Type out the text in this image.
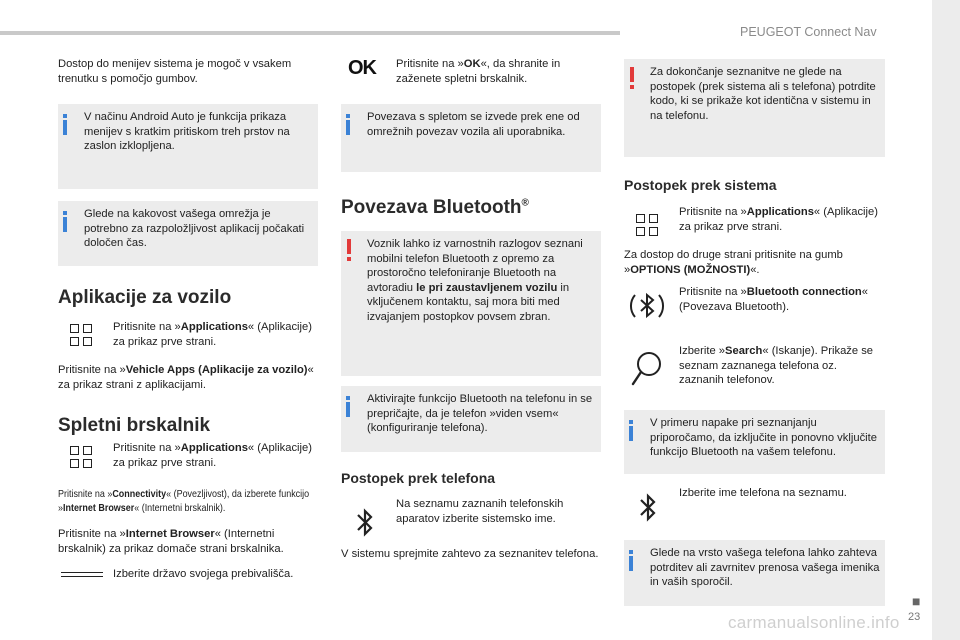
PEUGEOT Connect Nav
■
23
carmanualsonline.info
Dostop do menijev sistema je mogoč v vsakem trenutku s pomočjo gumbov.
V načinu Android Auto je funkcija prikaza menijev s kratkim pritiskom treh prstov na zaslon izklopljena.
Glede na kakovost vašega omrežja je potrebno za razpoložljivost aplikacij počakati določen čas.
Aplikacije za vozilo
Pritisnite na »Applications« (Aplikacije) za prikaz prve strani.
Pritisnite na »Vehicle Apps (Aplikacije za vozilo)« za prikaz strani z aplikacijami.
Spletni brskalnik
Pritisnite na »Applications« (Aplikacije) za prikaz prve strani.
Pritisnite na »Connectivity« (Povezljivost), da izberete funkcijo »Internet Browser« (Internetni brskalnik).
Pritisnite na »Internet Browser« (Internetni brskalnik) za prikaz domače strani brskalnika.
Izberite državo svojega prebivališča.
OK Pritisnite na »OK«, da shranite in zaženete spletni brskalnik.
Povezava s spletom se izvede prek ene od omrežnih povezav vozila ali uporabnika.
Povezava Bluetooth®
Voznik lahko iz varnostnih razlogov seznani mobilni telefon Bluetooth z opremo za prostoročno telefoniranje Bluetooth na avtoradiu le pri zaustavljenem vozilu in vključenem kontaktu, saj mora biti med izvajanjem postopkov povsem zbran.
Aktivirajte funkcijo Bluetooth na telefonu in se prepričajte, da je telefon »viden vsem« (konfiguriranje telefona).
Postopek prek telefona
Na seznamu zaznanih telefonskih aparatov izberite sistemsko ime.
V sistemu sprejmite zahtevo za seznanitev telefona.
Za dokončanje seznanitve ne glede na postopek (prek sistema ali s telefona) potrdite kodo, ki se prikaže kot identična v sistemu in na telefonu.
Postopek prek sistema
Pritisnite na »Applications« (Aplikacije) za prikaz prve strani.
Za dostop do druge strani pritisnite na gumb »OPTIONS (MOŽNOSTI)«.
Pritisnite na »Bluetooth connection« (Povezava Bluetooth).
Izberite »Search« (Iskanje). Prikaže se seznam zaznanega telefona oz. zaznanih telefonov.
V primeru napake pri seznanjanju priporočamo, da izključite in ponovno vključite funkcijo Bluetooth na vašem telefonu.
Izberite ime telefona na seznamu.
Glede na vrsto vašega telefona lahko zahteva potrditev ali zavrnitev prenosa vašega imenika in vaših sporočil.
